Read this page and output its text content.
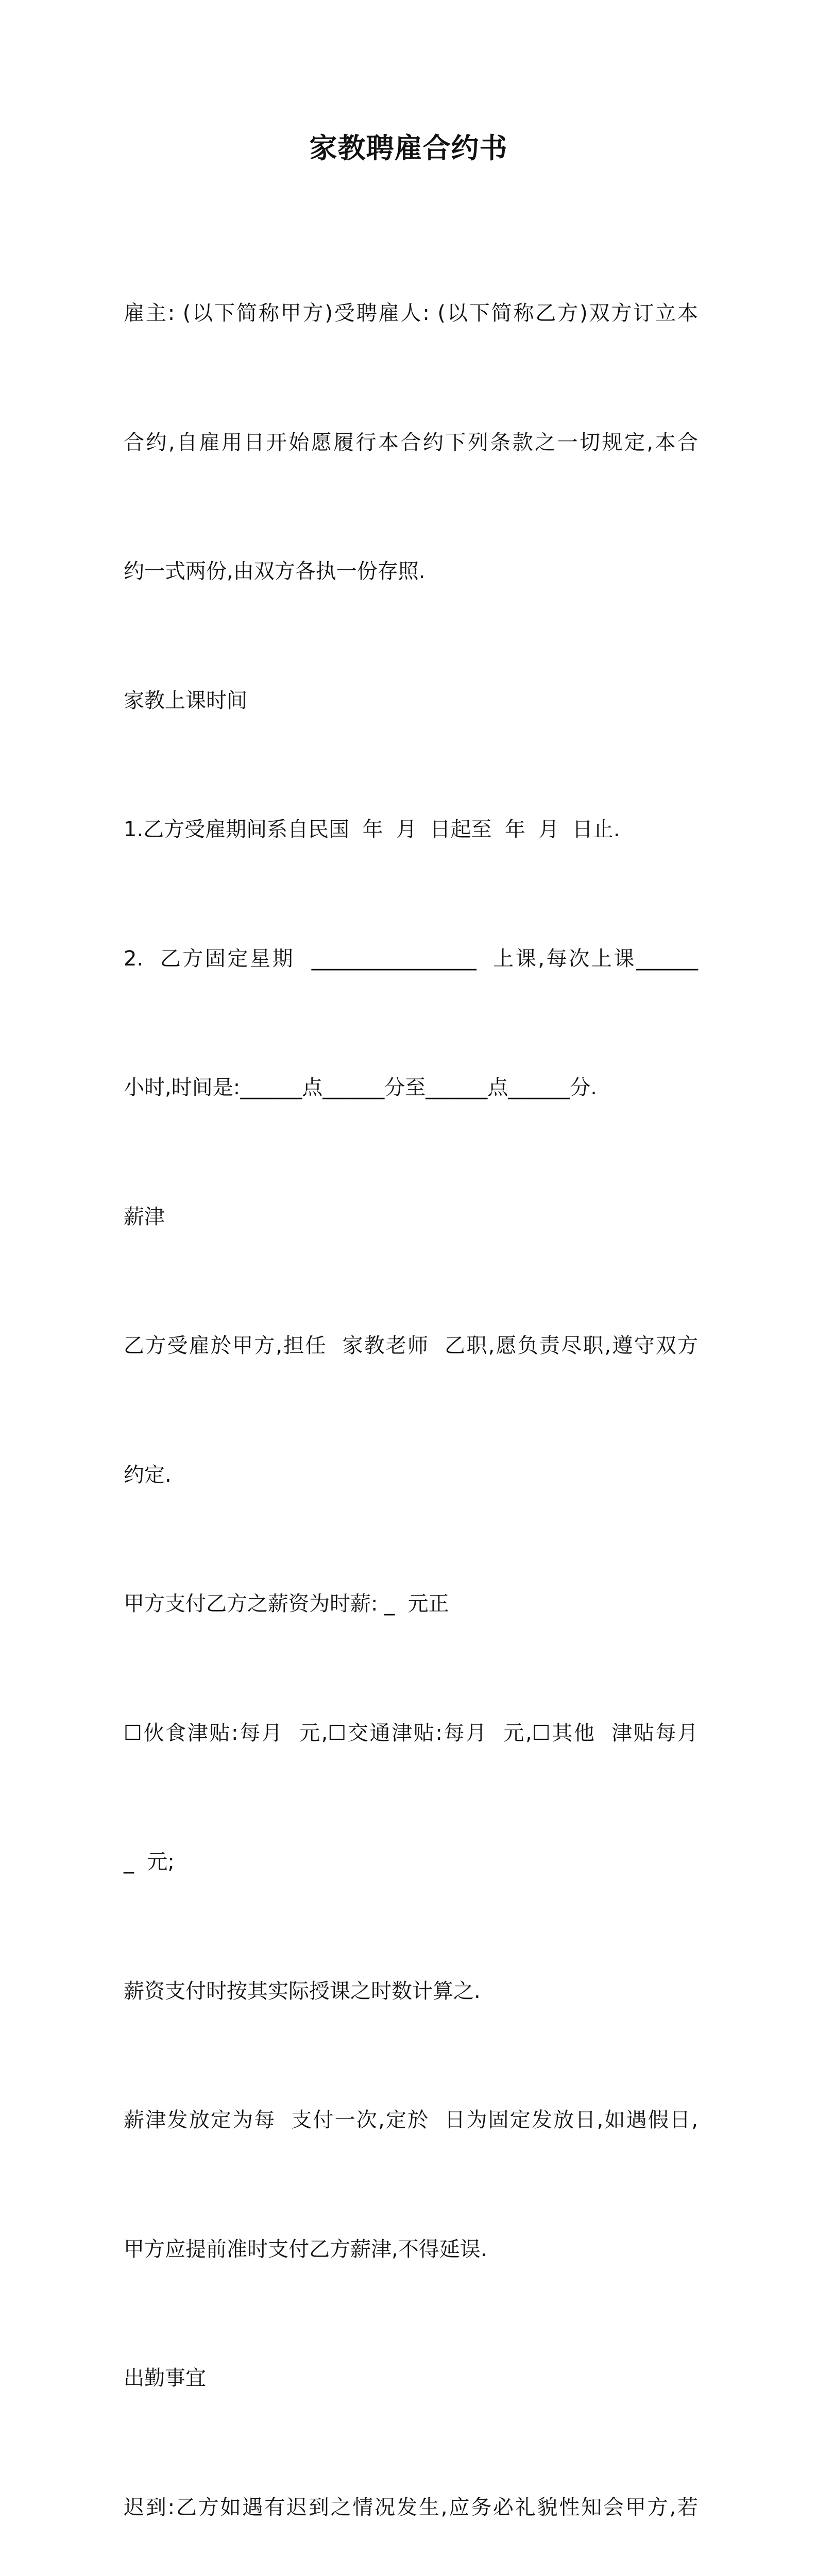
家教聘雇合约书

雇主: (以下简称甲方)受聘雇人: (以下简称乙方)双方订立本

合约,自雇用日开始愿履行本合约下列条款之一切规定,本合

约一式两份,由双方各执一份存照.

家教上课时间

1.乙方受雇期间系自民国  年  月  日起至  年  月  日止.

2.  乙方固定星期  ________________  上课,每次上课______

小时,时间是:______点______分至______点______分.

薪津

乙方受雇於甲方,担任  家教老师  乙职,愿负责尽职,遵守双方

约定.

甲方支付乙方之薪资为时薪: _  元正

☐伙食津贴:每月  元,☐交通津贴:每月  元,☐其他  津贴每月

_  元;

薪资支付时按其实际授课之时数计算之.

薪津发放定为每  支付一次,定於  日为固定发放日,如遇假日,

甲方应提前准时支付乙方薪津,不得延误.

出勤事宜

迟到:乙方如遇有迟到之情况发生,应务必礼貌性知会甲方,若
